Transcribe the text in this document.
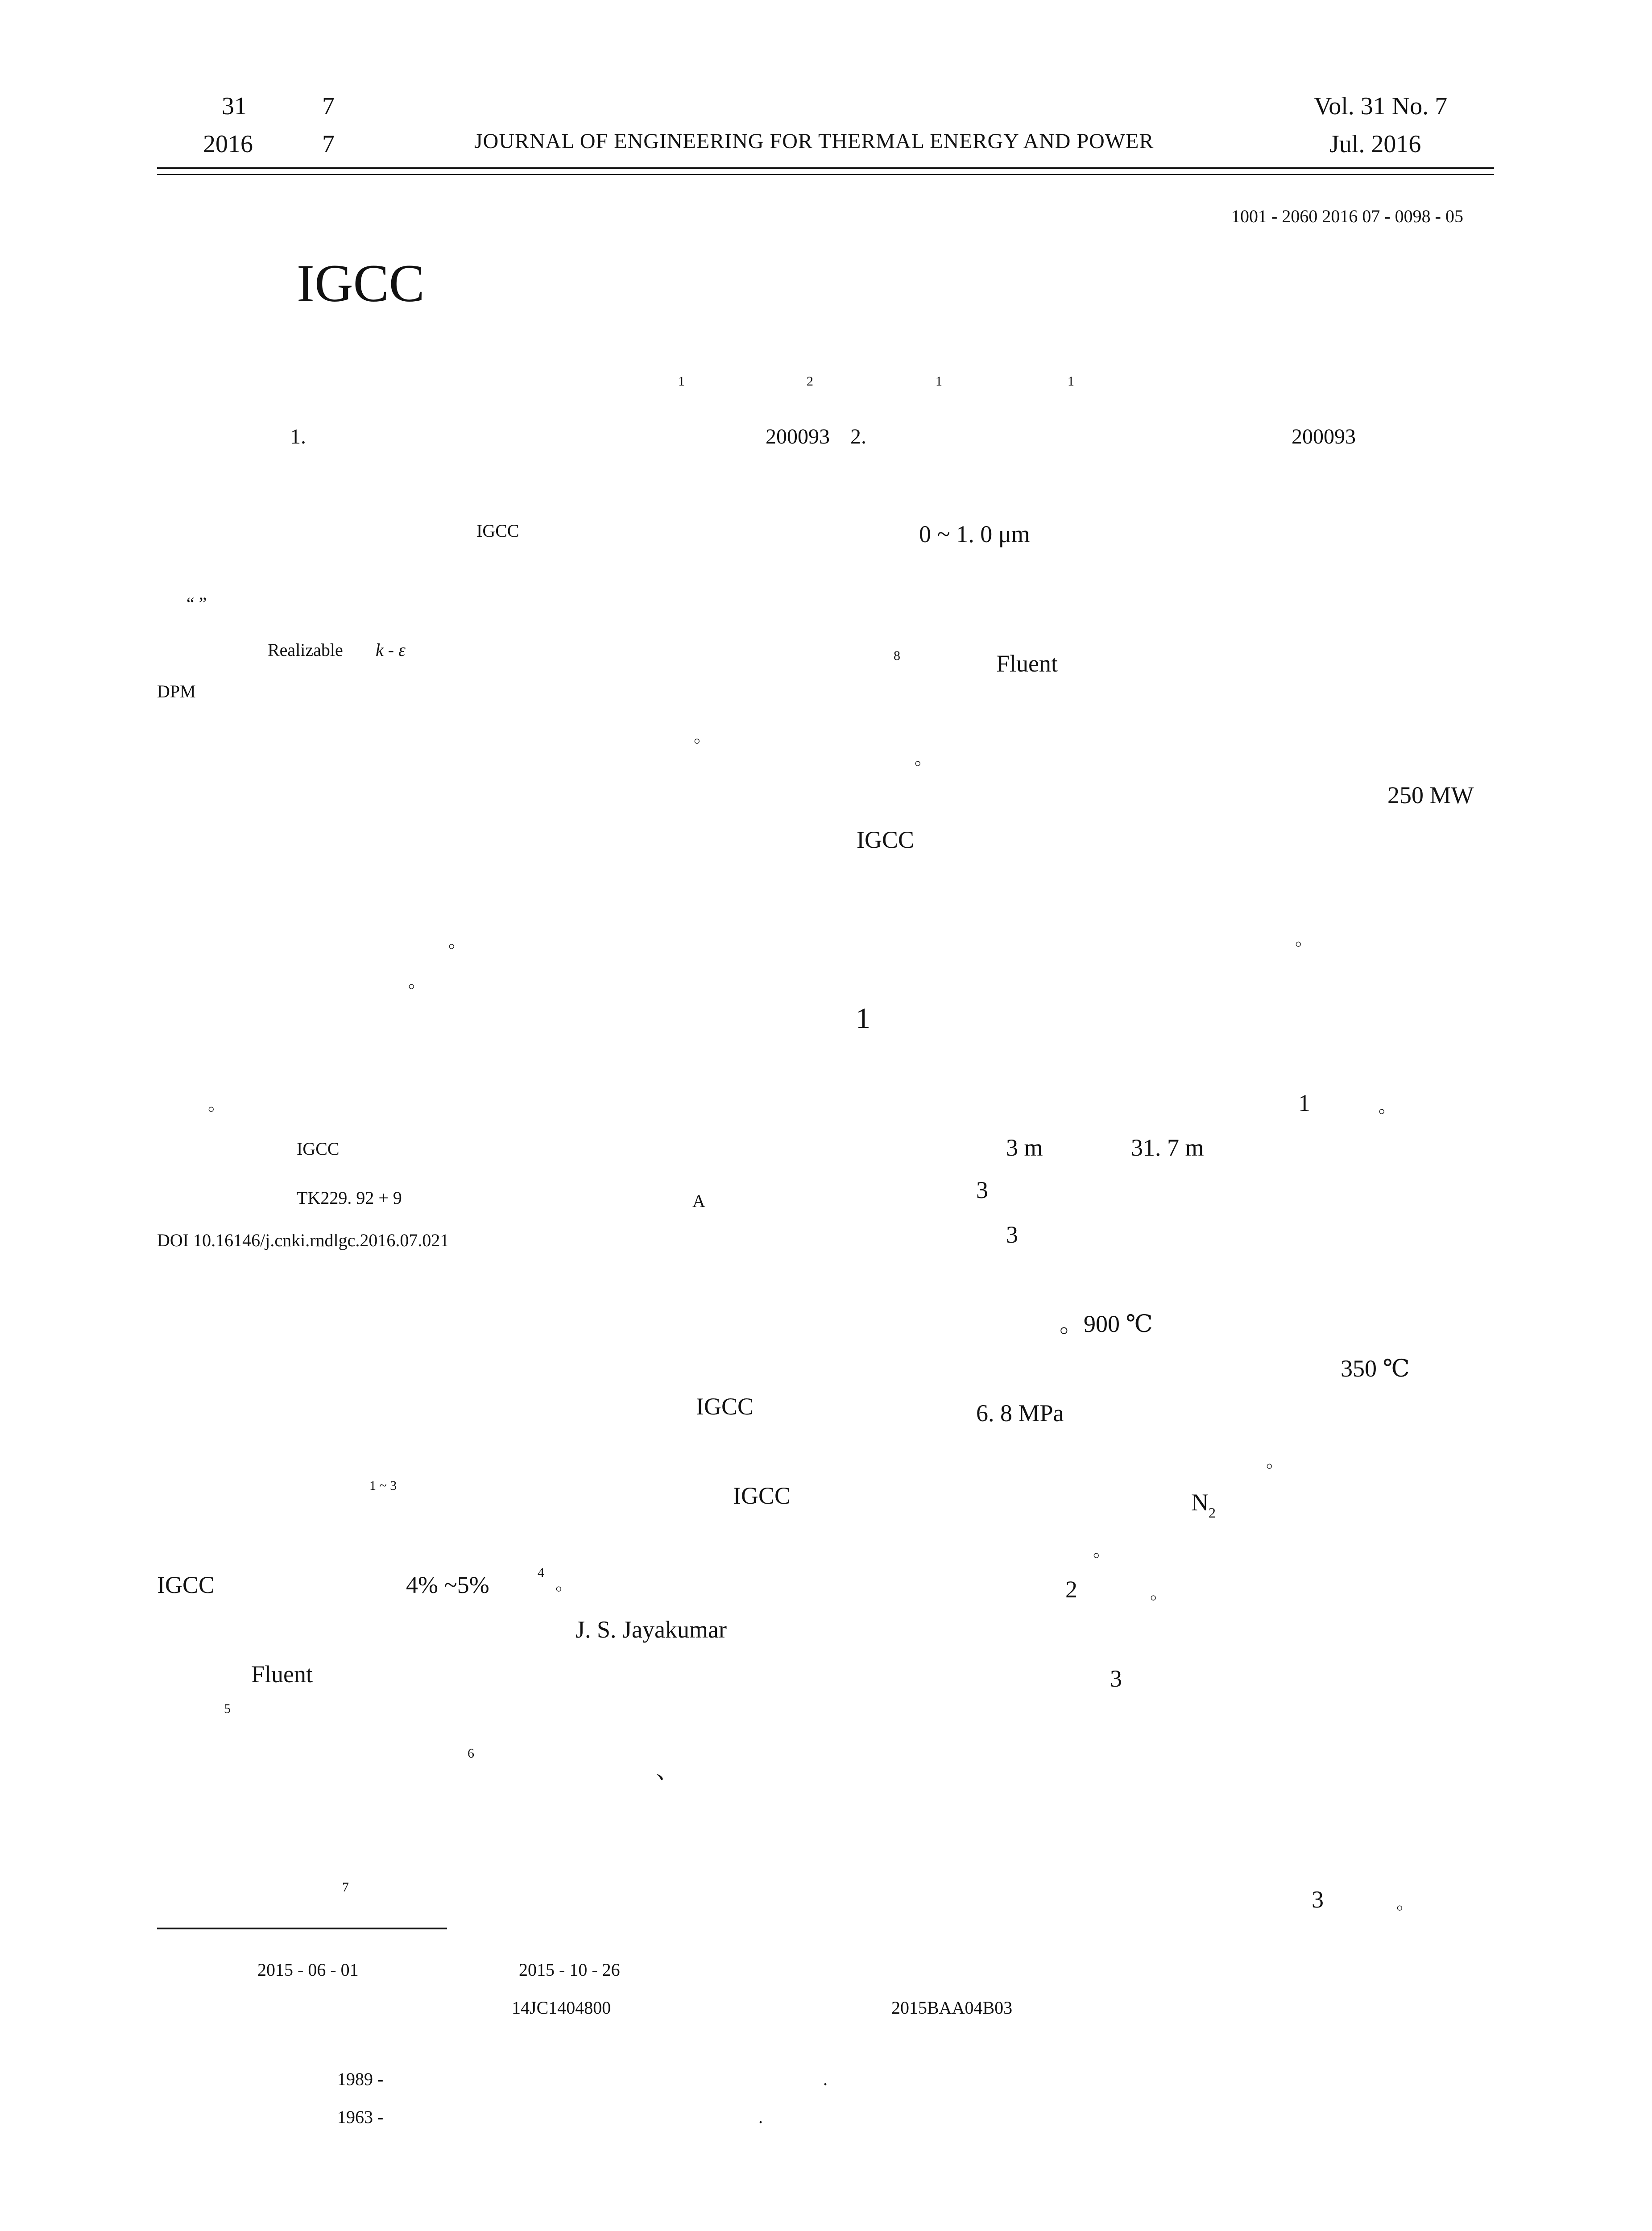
31	7
2016	7	JOURNAL OF ENGINEERING FOR THERMAL ENERGY AND POWER
Vol. 31 No. 7
Jul. 2016
1001 - 2060 2016 07 - 0098 - 05
IGCC
1	2	1	1
1.	200093 2.	200093
IGCC	0 ~ 1. 0 μm
“ ”
Realizable k - ε	8	Fluent
DPM
。
。
250 MW
IGCC
。
。
。
1
。
IGCC
TK229. 92 + 9	A
DOI 10.16146/j.cnki.rndlgc.2016.07.021
1	。
3 m	31. 7 m
3
3
。900 ℃
350 ℃
6. 8 MPa
。
$N_2$
。
2	。
3
3	。
IGCC
1 ~ 3	IGCC
IGCC	4% ~5%	4
。
J. S. Jayakumar
Fluent
5
6
、
7
2015 - 06 - 01	2015 - 10 - 26
14JC1404800	2015BAA04B03
1989 -	.
1963 -	.
